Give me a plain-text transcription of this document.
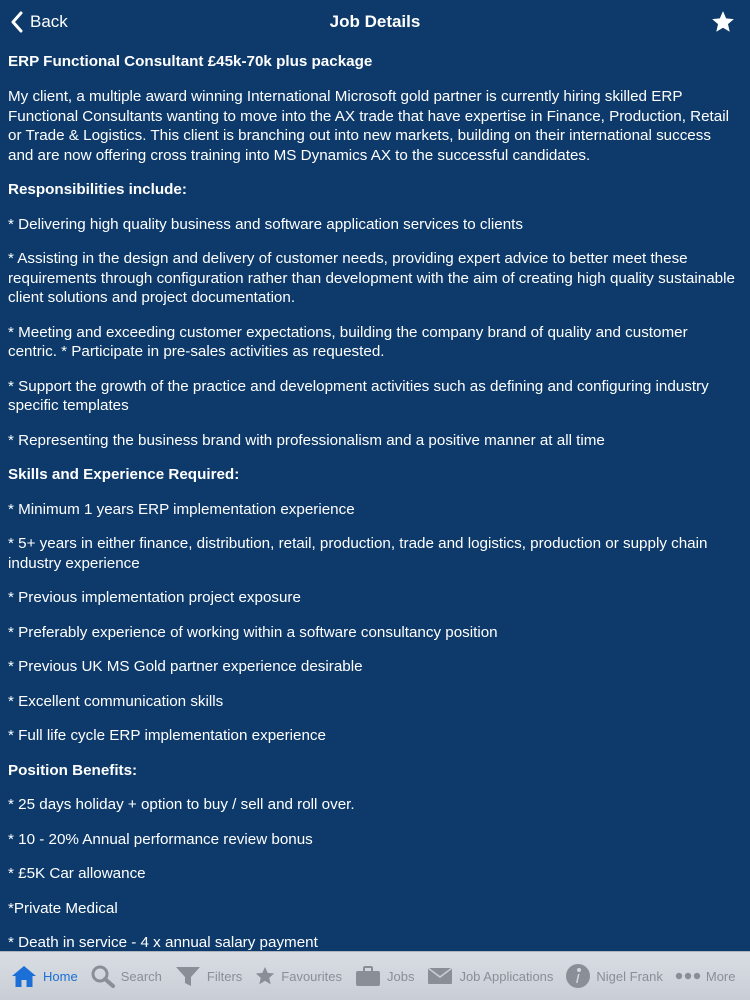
Back	Job Details
ERP Functional Consultant £45k-70k plus package
My client, a multiple award winning International Microsoft gold partner is currently hiring skilled ERP Functional Consultants wanting to move into the AX trade that have expertise in Finance, Production, Retail or Trade & Logistics. This client is branching out into new markets, building on their international success and are now offering cross training into MS Dynamics AX to the successful candidates.
Responsibilities include:
* Delivering high quality business and software application services to clients
* Assisting in the design and delivery of customer needs, providing expert advice to better meet these requirements through configuration rather than development with the aim of creating high quality sustainable client solutions and project documentation.
* Meeting and exceeding customer expectations, building the company brand of quality and customer centric. * Participate in pre-sales activities as requested.
* Support the growth of the practice and development activities such as defining and configuring industry specific templates
* Representing the business brand with professionalism and a positive manner at all time
Skills and Experience Required:
* Minimum 1 years ERP implementation experience
* 5+ years in either finance, distribution, retail, production, trade and logistics, production or supply chain industry experience
* Previous implementation project exposure
* Preferably experience of working within a software consultancy position
* Previous UK MS Gold partner experience desirable
* Excellent communication skills
* Full life cycle ERP implementation experience
Position Benefits:
* 25 days holiday + option to buy / sell and roll over.
* 10 - 20% Annual performance review bonus
* £5K Car allowance
*Private Medical
* Death in service - 4 x annual salary payment
Home	Search	Filters	Favourites	Jobs	Job Applications	Nigel Frank	More
